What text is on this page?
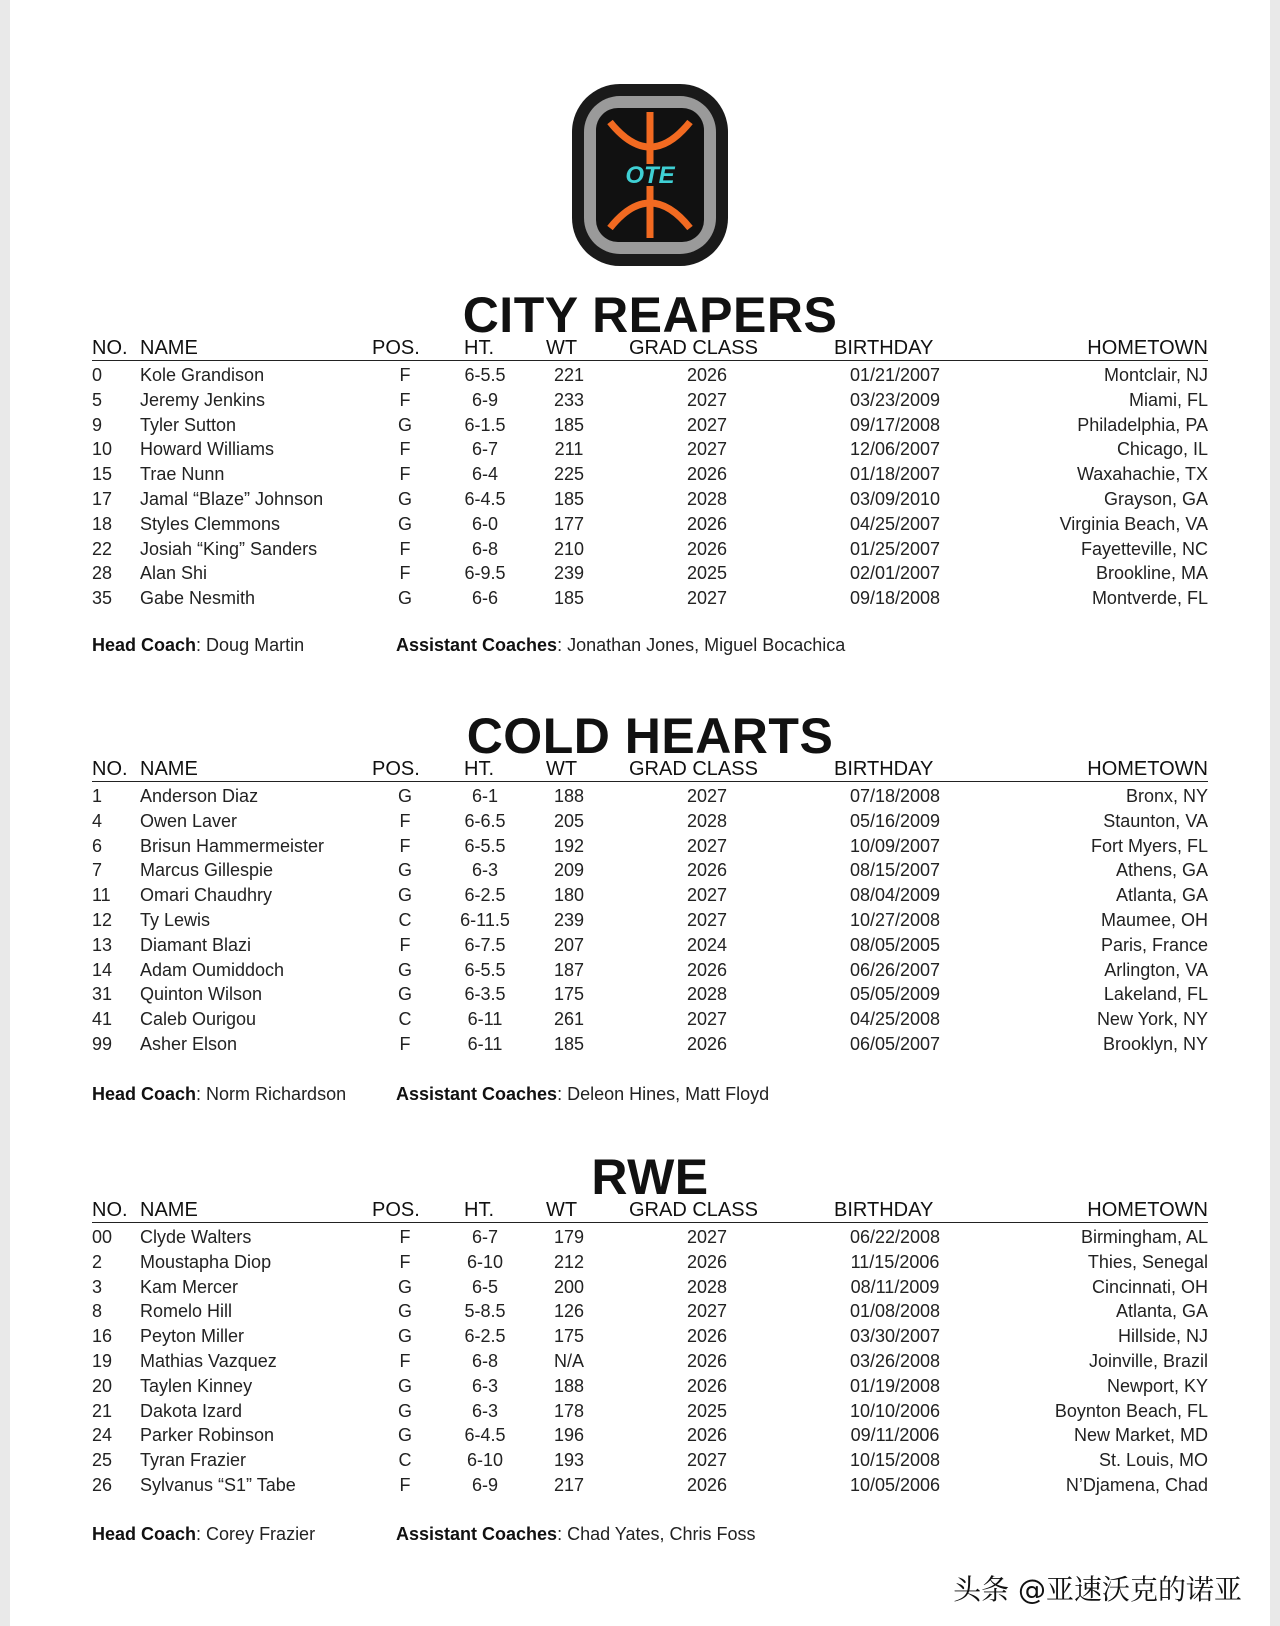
OTE
CITY REAPERS
NO. NAME	POS. HT.	WT	GRAD CLASS	BIRTHDAY	HOMETOWN
0 Kole Grandison	F	6-5.5	221	2026	01/21/2007	Montclair, NJ
5 Jeremy Jenkins	F	6-9	233	2027	03/23/2009	Miami, FL
9 Tyler Sutton	G	6-1.5	185	2027	09/17/2008	Philadelphia, PA
10 Howard Williams	F	6-7	211	2027	12/06/2007	Chicago, IL
15 Trae Nunn	F	6-4	225	2026	01/18/2007	Waxahachie, TX
17 Jamal “Blaze” Johnson	G	6-4.5	185	2028	03/09/2010	Grayson, GA
18 Styles Clemmons	G	6-0	177	2026	04/25/2007	Virginia Beach, VA
22 Josiah “King” Sanders	F	6-8	210	2026	01/25/2007	Fayetteville, NC
28 Alan Shi	F	6-9.5	239	2025	02/01/2007	Brookline, MA
35 Gabe Nesmith	G	6-6	185	2027	09/18/2008	Montverde, FL
Head Coach: Doug Martin	Assistant Coaches: Jonathan Jones, Miguel Bocachica
COLD HEARTS
NO. NAME	POS. HT.	WT	GRAD CLASS	BIRTHDAY	HOMETOWN
1 Anderson Diaz	G	6-1	188	2027	07/18/2008	Bronx, NY
4 Owen Laver	F	6-6.5	205	2028	05/16/2009	Staunton, VA
6 Brisun Hammermeister	F	6-5.5	192	2027	10/09/2007	Fort Myers, FL
7 Marcus Gillespie	G	6-3	209	2026	08/15/2007	Athens, GA
11 Omari Chaudhry	G	6-2.5	180	2027	08/04/2009	Atlanta, GA
12 Ty Lewis	C	6-11.5	239	2027	10/27/2008	Maumee, OH
13 Diamant Blazi	F	6-7.5	207	2024	08/05/2005	Paris, France
14 Adam Oumiddoch	G	6-5.5	187	2026	06/26/2007	Arlington, VA
31 Quinton Wilson	G	6-3.5	175	2028	05/05/2009	Lakeland, FL
41 Caleb Ourigou	C	6-11	261	2027	04/25/2008	New York, NY
99 Asher Elson	F	6-11	185	2026	06/05/2007	Brooklyn, NY
Head Coach: Norm Richardson	Assistant Coaches: Deleon Hines, Matt Floyd
RWE
NO. NAME	POS. HT.	WT	GRAD CLASS	BIRTHDAY	HOMETOWN
00 Clyde Walters	F	6-7	179	2027	06/22/2008	Birmingham, AL
2 Moustapha Diop	F	6-10	212	2026	11/15/2006	Thies, Senegal
3 Kam Mercer	G	6-5	200	2028	08/11/2009	Cincinnati, OH
8 Romelo Hill	G	5-8.5	126	2027	01/08/2008	Atlanta, GA
16 Peyton Miller	G	6-2.5	175	2026	03/30/2007	Hillside, NJ
19 Mathias Vazquez	F	6-8	N/A	2026	03/26/2008	Joinville, Brazil
20 Taylen Kinney	G	6-3	188	2026	01/19/2008	Newport, KY
21 Dakota Izard	G	6-3	178	2025	10/10/2006	Boynton Beach, FL
24 Parker Robinson	G	6-4.5	196	2026	09/11/2006	New Market, MD
25 Tyran Frazier	C	6-10	193	2027	10/15/2008	St. Louis, MO
26 Sylvanus “S1” Tabe	F	6-9	217	2026	10/05/2006	N’Djamena, Chad
Head Coach: Corey Frazier	Assistant Coaches: Chad Yates, Chris Foss
头条 @亚速沃克的诺亚
